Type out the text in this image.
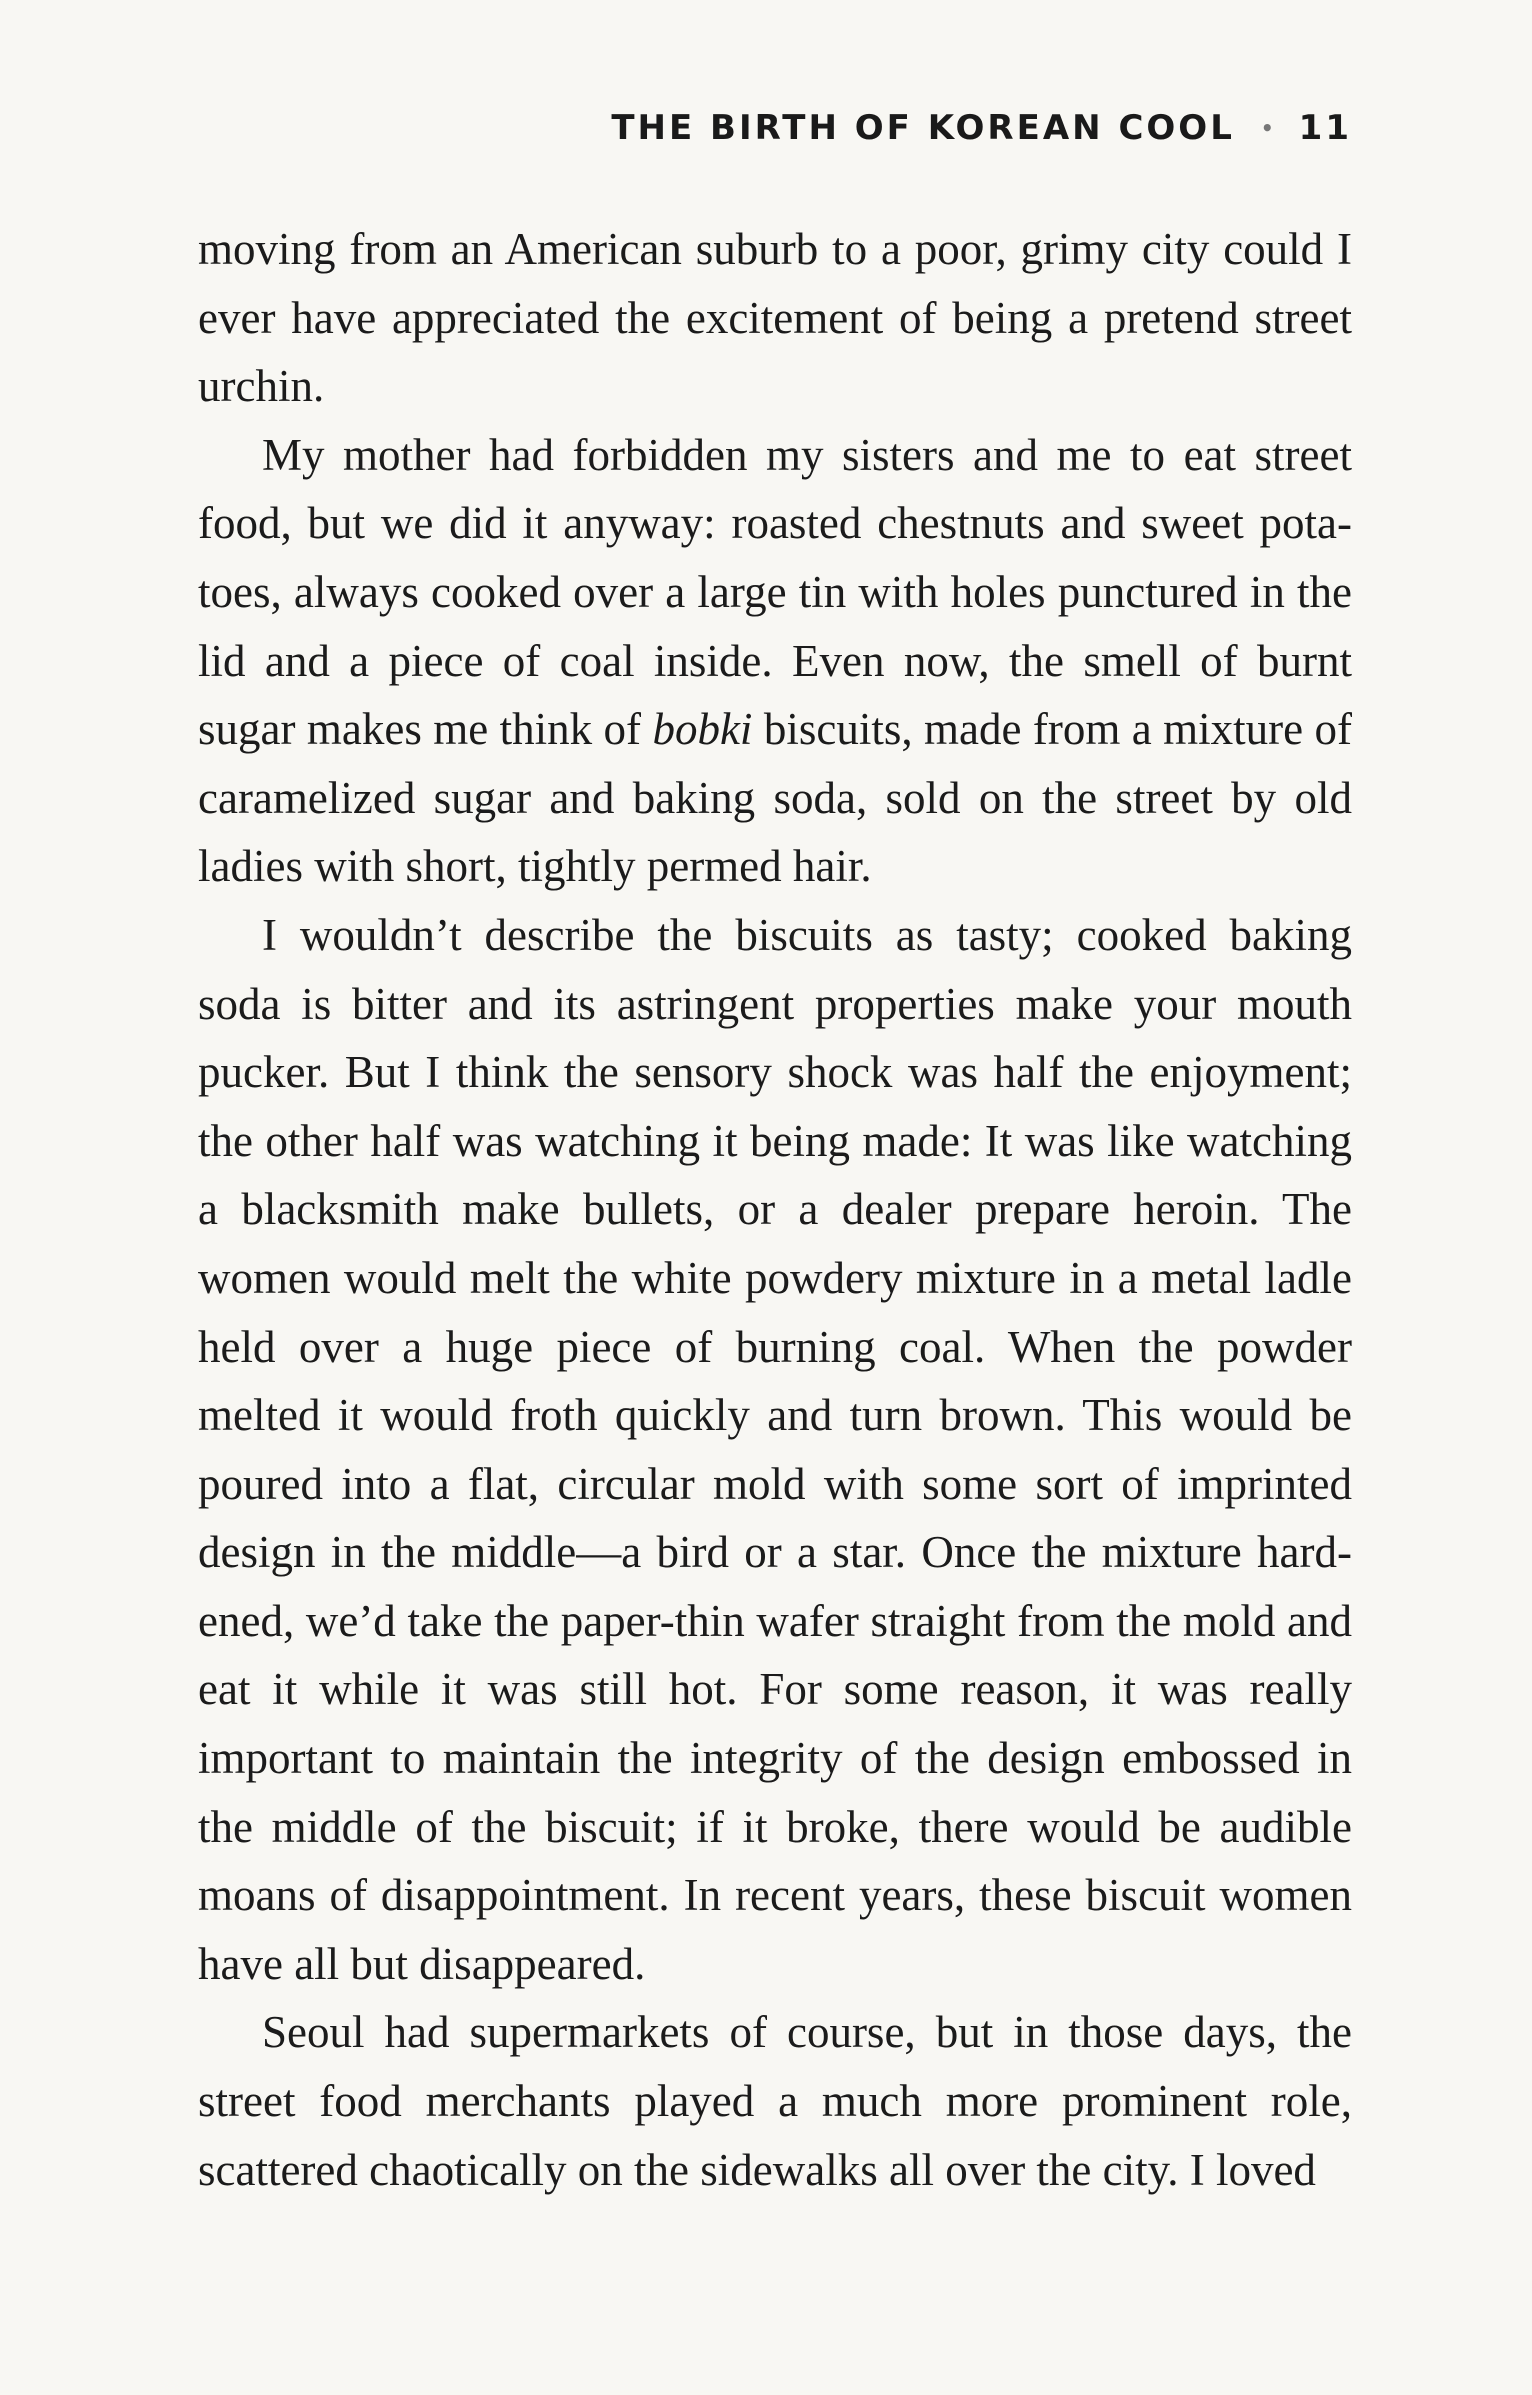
THE BIRTH OF KOREAN COOL • 11

moving from an American suburb to a poor, grimy city could I ever have appreciated the excitement of being a pretend street urchin.

My mother had forbidden my sisters and me to eat street food, but we did it anyway: roasted chestnuts and sweet potatoes, always cooked over a large tin with holes punctured in the lid and a piece of coal inside. Even now, the smell of burnt sugar makes me think of bobki biscuits, made from a mixture of caramelized sugar and baking soda, sold on the street by old ladies with short, tightly permed hair.

I wouldn’t describe the biscuits as tasty; cooked baking soda is bitter and its astringent properties make your mouth pucker. But I think the sensory shock was half the enjoyment; the other half was watching it being made: It was like watching a blacksmith make bullets, or a dealer prepare heroin. The women would melt the white powdery mixture in a metal ladle held over a huge piece of burning coal. When the powder melted it would froth quickly and turn brown. This would be poured into a flat, circular mold with some sort of imprinted design in the middle—a bird or a star. Once the mixture hardened, we’d take the paper-thin wafer straight from the mold and eat it while it was still hot. For some reason, it was really important to maintain the integrity of the design embossed in the middle of the biscuit; if it broke, there would be audible moans of disappointment. In recent years, these biscuit women have all but disappeared.

Seoul had supermarkets of course, but in those days, the street food merchants played a much more prominent role, scattered chaotically on the sidewalks all over the city. I loved
